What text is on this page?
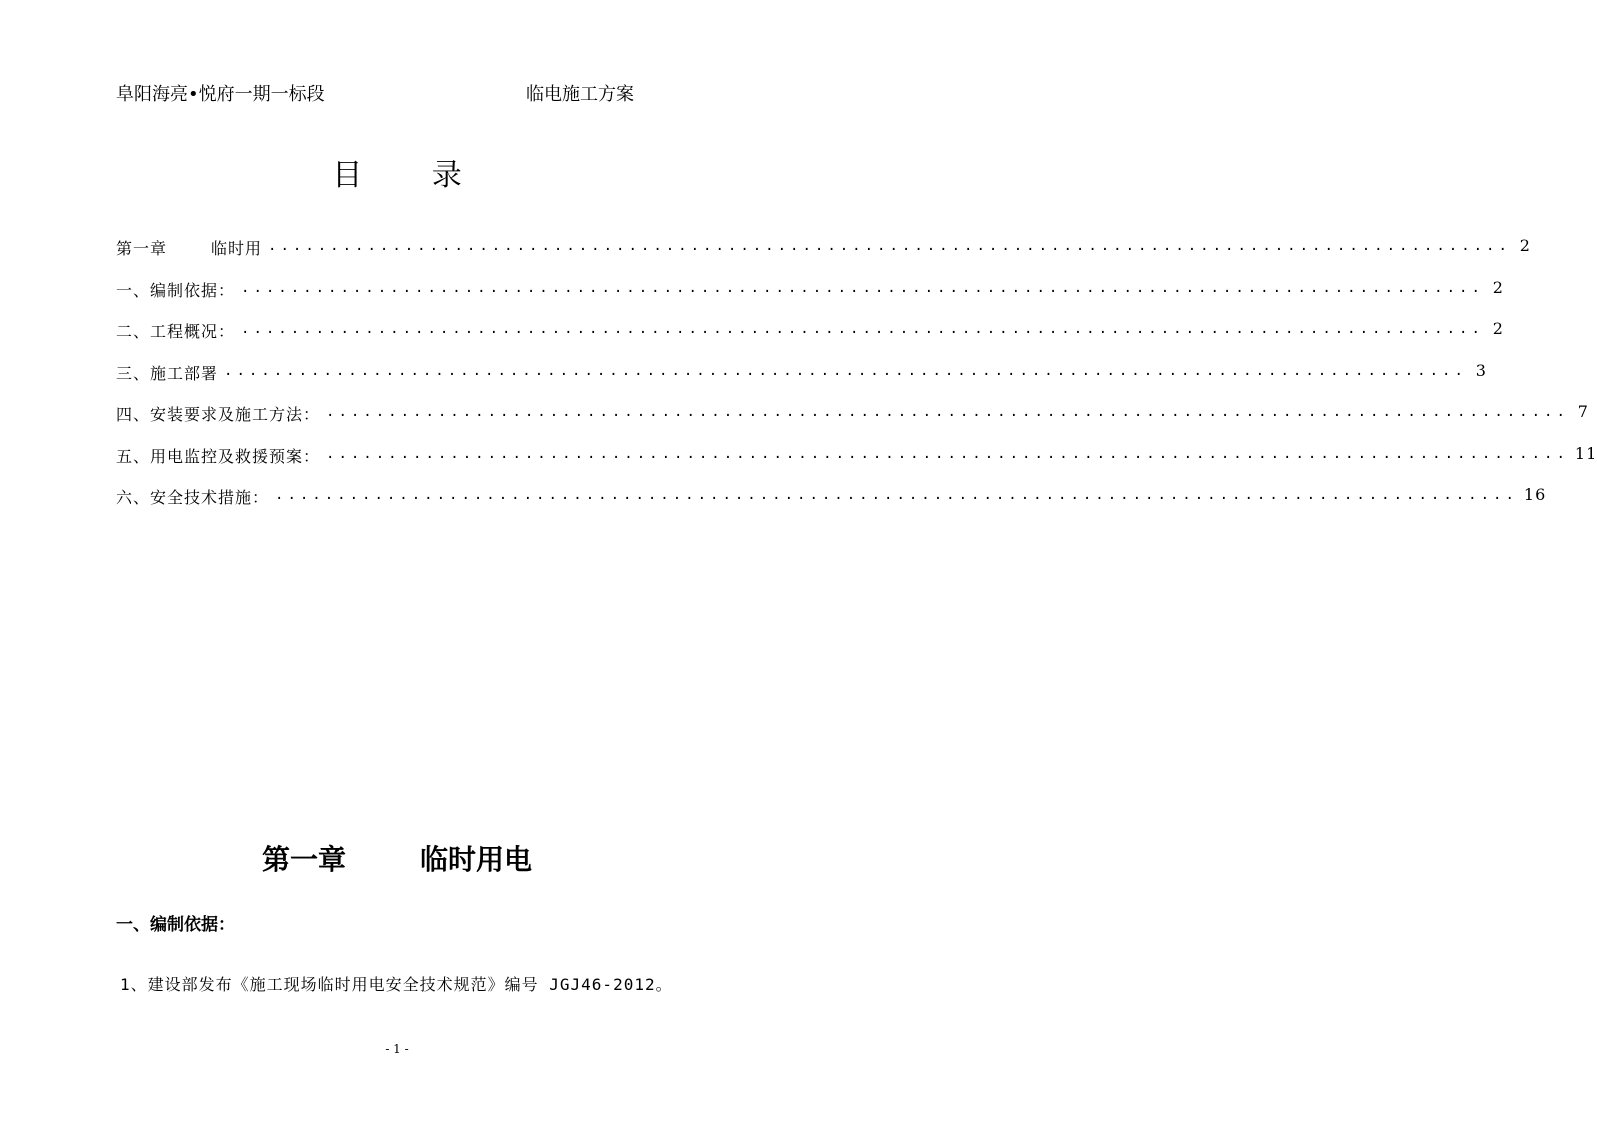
阜阳海亮•悦府一期一标段	临电施工方案
目 录
第一章	临时用 .................................................................................................... 2
一、编制依据： .................................................................................................... 2
二、工程概况： .................................................................................................... 2
三、施工部署 .................................................................................................... 3
四、安装要求及施工方法： .................................................................................................... 7
五、用电监控及救援预案： .................................................................................................... 11
六、安全技术措施： .................................................................................................... 16
第一章	临时用电
一、编制依据：
1、建设部发布《施工现场临时用电安全技术规范》编号 JGJ46-2012。
- 1 -
